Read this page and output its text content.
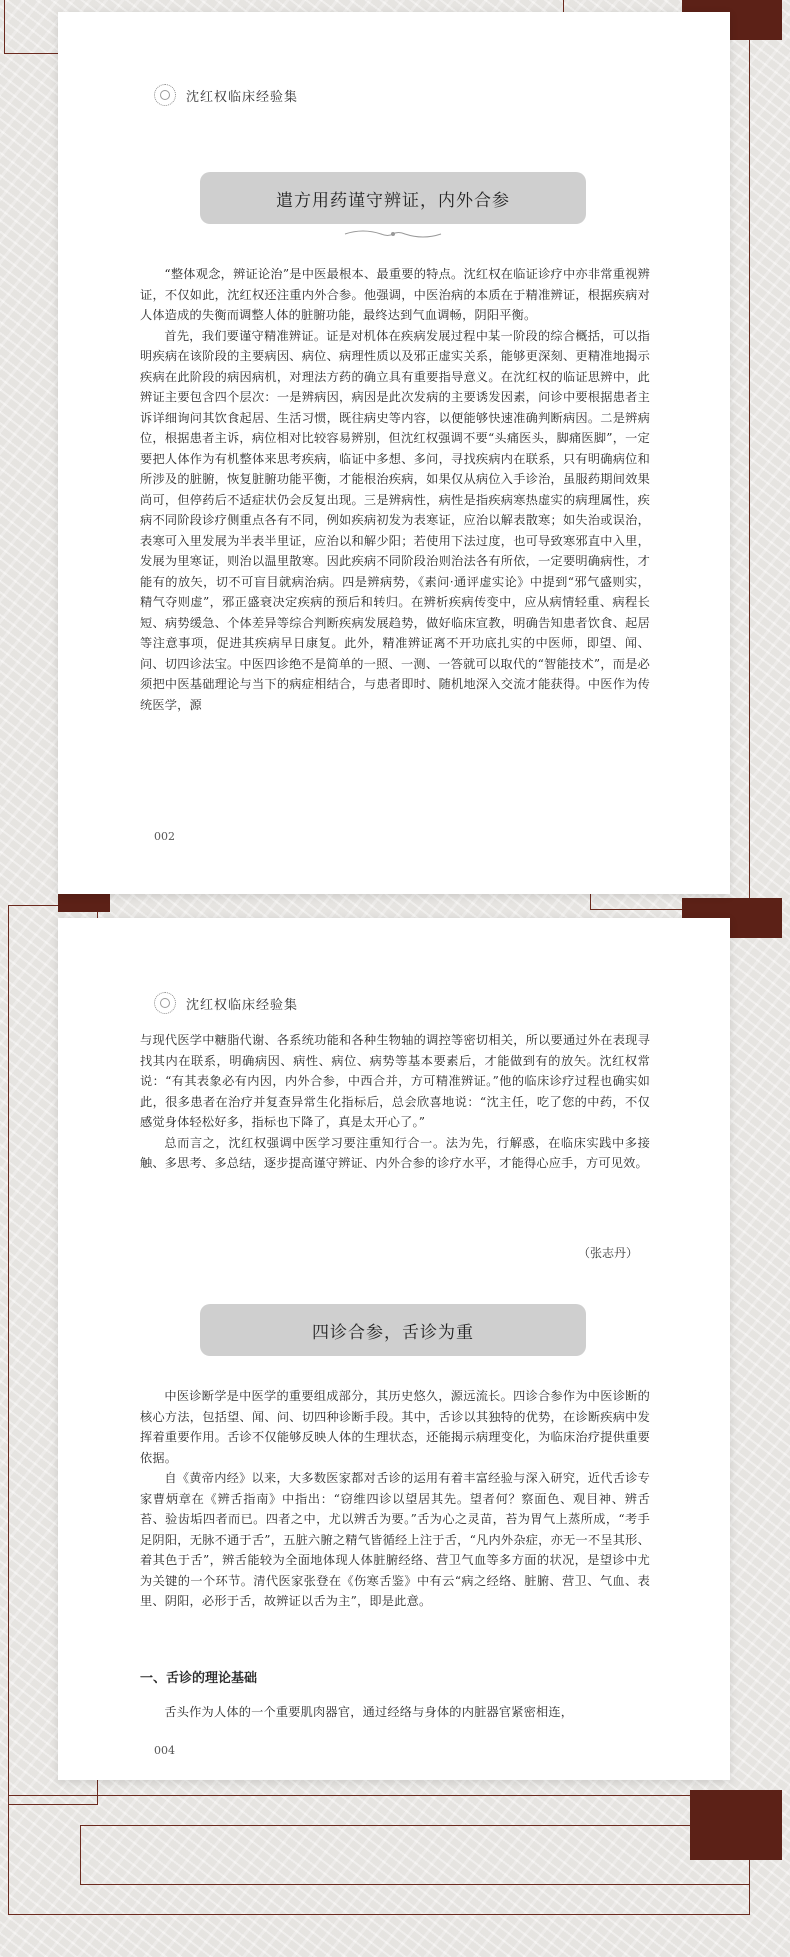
沈红权临床经验集
遣方用药谨守辨证，内外合参

“整体观念，辨证论治”是中医最根本、最重要的特点。沈红权在临证诊疗中亦非常重视辨证，不仅如此，沈红权还注重内外合参。他强调，中医治病的本质在于精准辨证，根据疾病对人体造成的失衡而调整人体的脏腑功能，最终达到气血调畅，阴阳平衡。

首先，我们要谨守精准辨证。证是对机体在疾病发展过程中某一阶段的综合概括，可以指明疾病在该阶段的主要病因、病位、病理性质以及邪正虚实关系，能够更深刻、更精准地揭示疾病在此阶段的病因病机，对理法方药的确立具有重要指导意义。在沈红权的临证思辨中，此辨证主要包含四个层次：一是辨病因，病因是此次发病的主要诱发因素，问诊中要根据患者主诉详细询问其饮食起居、生活习惯，既往病史等内容，以便能够快速准确判断病因。二是辨病位，根据患者主诉，病位相对比较容易辨别，但沈红权强调不要“头痛医头，脚痛医脚”，一定要把人体作为有机整体来思考疾病，临证中多想、多问，寻找疾病内在联系，只有明确病位和所涉及的脏腑，恢复脏腑功能平衡，才能根治疾病，如果仅从病位入手诊治，虽服药期间效果尚可，但停药后不适症状仍会反复出现。三是辨病性，病性是指疾病寒热虚实的病理属性，疾病不同阶段诊疗侧重点各有不同，例如疾病初发为表寒证，应治以解表散寒；如失治或误治，表寒可入里发展为半表半里证，应治以和解少阳；若使用下法过度，也可导致寒邪直中入里，发展为里寒证，则治以温里散寒。因此疾病不同阶段治则治法各有所依，一定要明确病性，才能有的放矢，切不可盲目就病治病。四是辨病势，《素问·通评虚实论》中提到“邪气盛则实，精气夺则虚”，邪正盛衰决定疾病的预后和转归。在辨析疾病传变中，应从病情轻重、病程长短、病势缓急、个体差异等综合判断疾病发展趋势，做好临床宣教，明确告知患者饮食、起居等注意事项，促进其疾病早日康复。此外，精准辨证离不开功底扎实的中医师，即望、闻、问、切四诊法宝。中医四诊绝不是简单的一照、一测、一答就可以取代的“智能技术”，而是必须把中医基础理论与当下的病症相结合，与患者即时、随机地深入交流才能获得。中医作为传统医学，源

002
沈红权临床经验集

与现代医学中糖脂代谢、各系统功能和各种生物轴的调控等密切相关，所以要通过外在表现寻找其内在联系，明确病因、病性、病位、病势等基本要素后，才能做到有的放矢。沈红权常说：“有其表象必有内因，内外合参，中西合并，方可精准辨证。”他的临床诊疗过程也确实如此，很多患者在治疗并复查异常生化指标后，总会欣喜地说：“沈主任，吃了您的中药，不仅感觉身体轻松好多，指标也下降了，真是太开心了。”

总而言之，沈红权强调中医学习要注重知行合一。法为先，行解惑，在临床实践中多接触、多思考、多总结，逐步提高谨守辨证、内外合参的诊疗水平，才能得心应手，方可见效。

（张志丹）
四诊合参，舌诊为重

中医诊断学是中医学的重要组成部分，其历史悠久，源远流长。四诊合参作为中医诊断的核心方法，包括望、闻、问、切四种诊断手段。其中，舌诊以其独特的优势，在诊断疾病中发挥着重要作用。舌诊不仅能够反映人体的生理状态，还能揭示病理变化，为临床治疗提供重要依据。

自《黄帝内经》以来，大多数医家都对舌诊的运用有着丰富经验与深入研究，近代舌诊专家曹炳章在《辨舌指南》中指出：“窃维四诊以望居其先。望者何？察面色、观目神、辨舌苔、验齿垢四者而已。四者之中，尤以辨舌为要。”舌为心之灵苗，苔为胃气上蒸所成，“考手足阴阳，无脉不通于舌”，五脏六腑之精气皆循经上注于舌，“凡内外杂症，亦无一不呈其形、着其色于舌”，辨舌能较为全面地体现人体脏腑经络、营卫气血等多方面的状况，是望诊中尤为关键的一个环节。清代医家张登在《伤寒舌鉴》中有云“病之经络、脏腑、营卫、气血、表里、阴阳，必形于舌，故辨证以舌为主”，即是此意。

一、舌诊的理论基础

舌头作为人体的一个重要肌肉器官，通过经络与身体的内脏器官紧密相连，

004
